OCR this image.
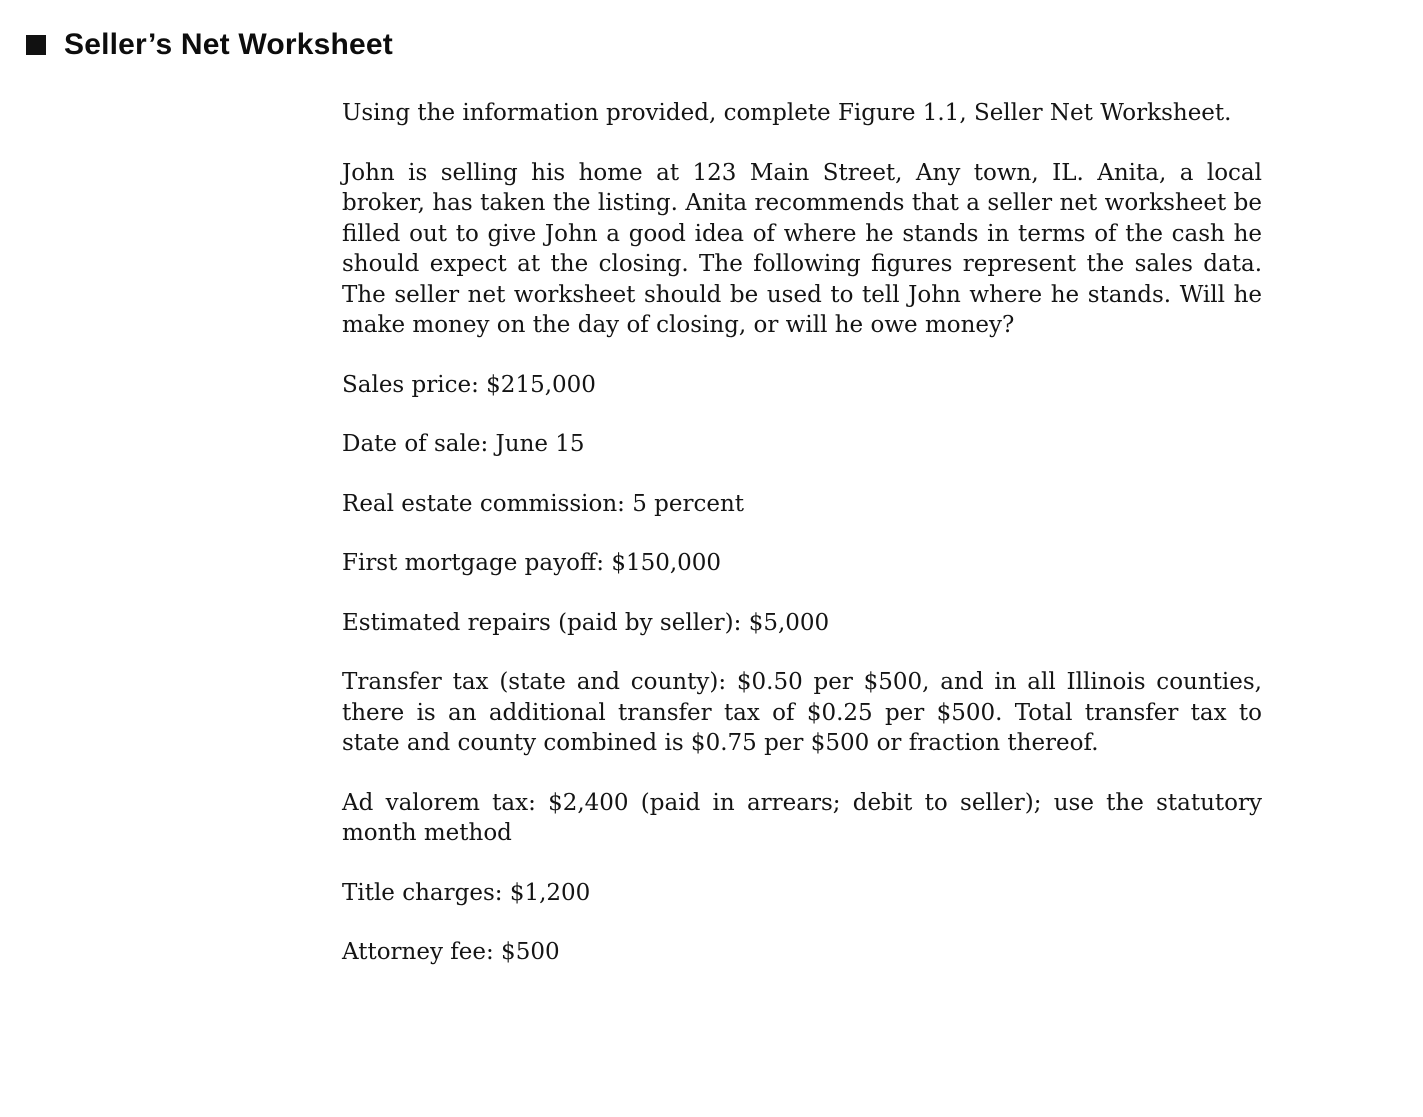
Seller’s Net Worksheet

Using the information provided, complete Figure 1.1, Seller Net Worksheet.

John is selling his home at 123 Main Street, Any town, IL. Anita, a local broker, has taken the listing. Anita recommends that a seller net worksheet be filled out to give John a good idea of where he stands in terms of the cash he should expect at the closing. The following figures represent the sales data. The seller net worksheet should be used to tell John where he stands. Will he make money on the day of closing, or will he owe money?

Sales price: $215,000

Date of sale: June 15

Real estate commission: 5 percent

First mortgage payoff: $150,000

Estimated repairs (paid by seller): $5,000

Transfer tax (state and county): $0.50 per $500, and in all Illinois counties, there is an additional transfer tax of $0.25 per $500. Total transfer tax to state and county combined is $0.75 per $500 or fraction thereof.

Ad valorem tax: $2,400 (paid in arrears; debit to seller); use the statutory month method

Title charges: $1,200

Attorney fee: $500
